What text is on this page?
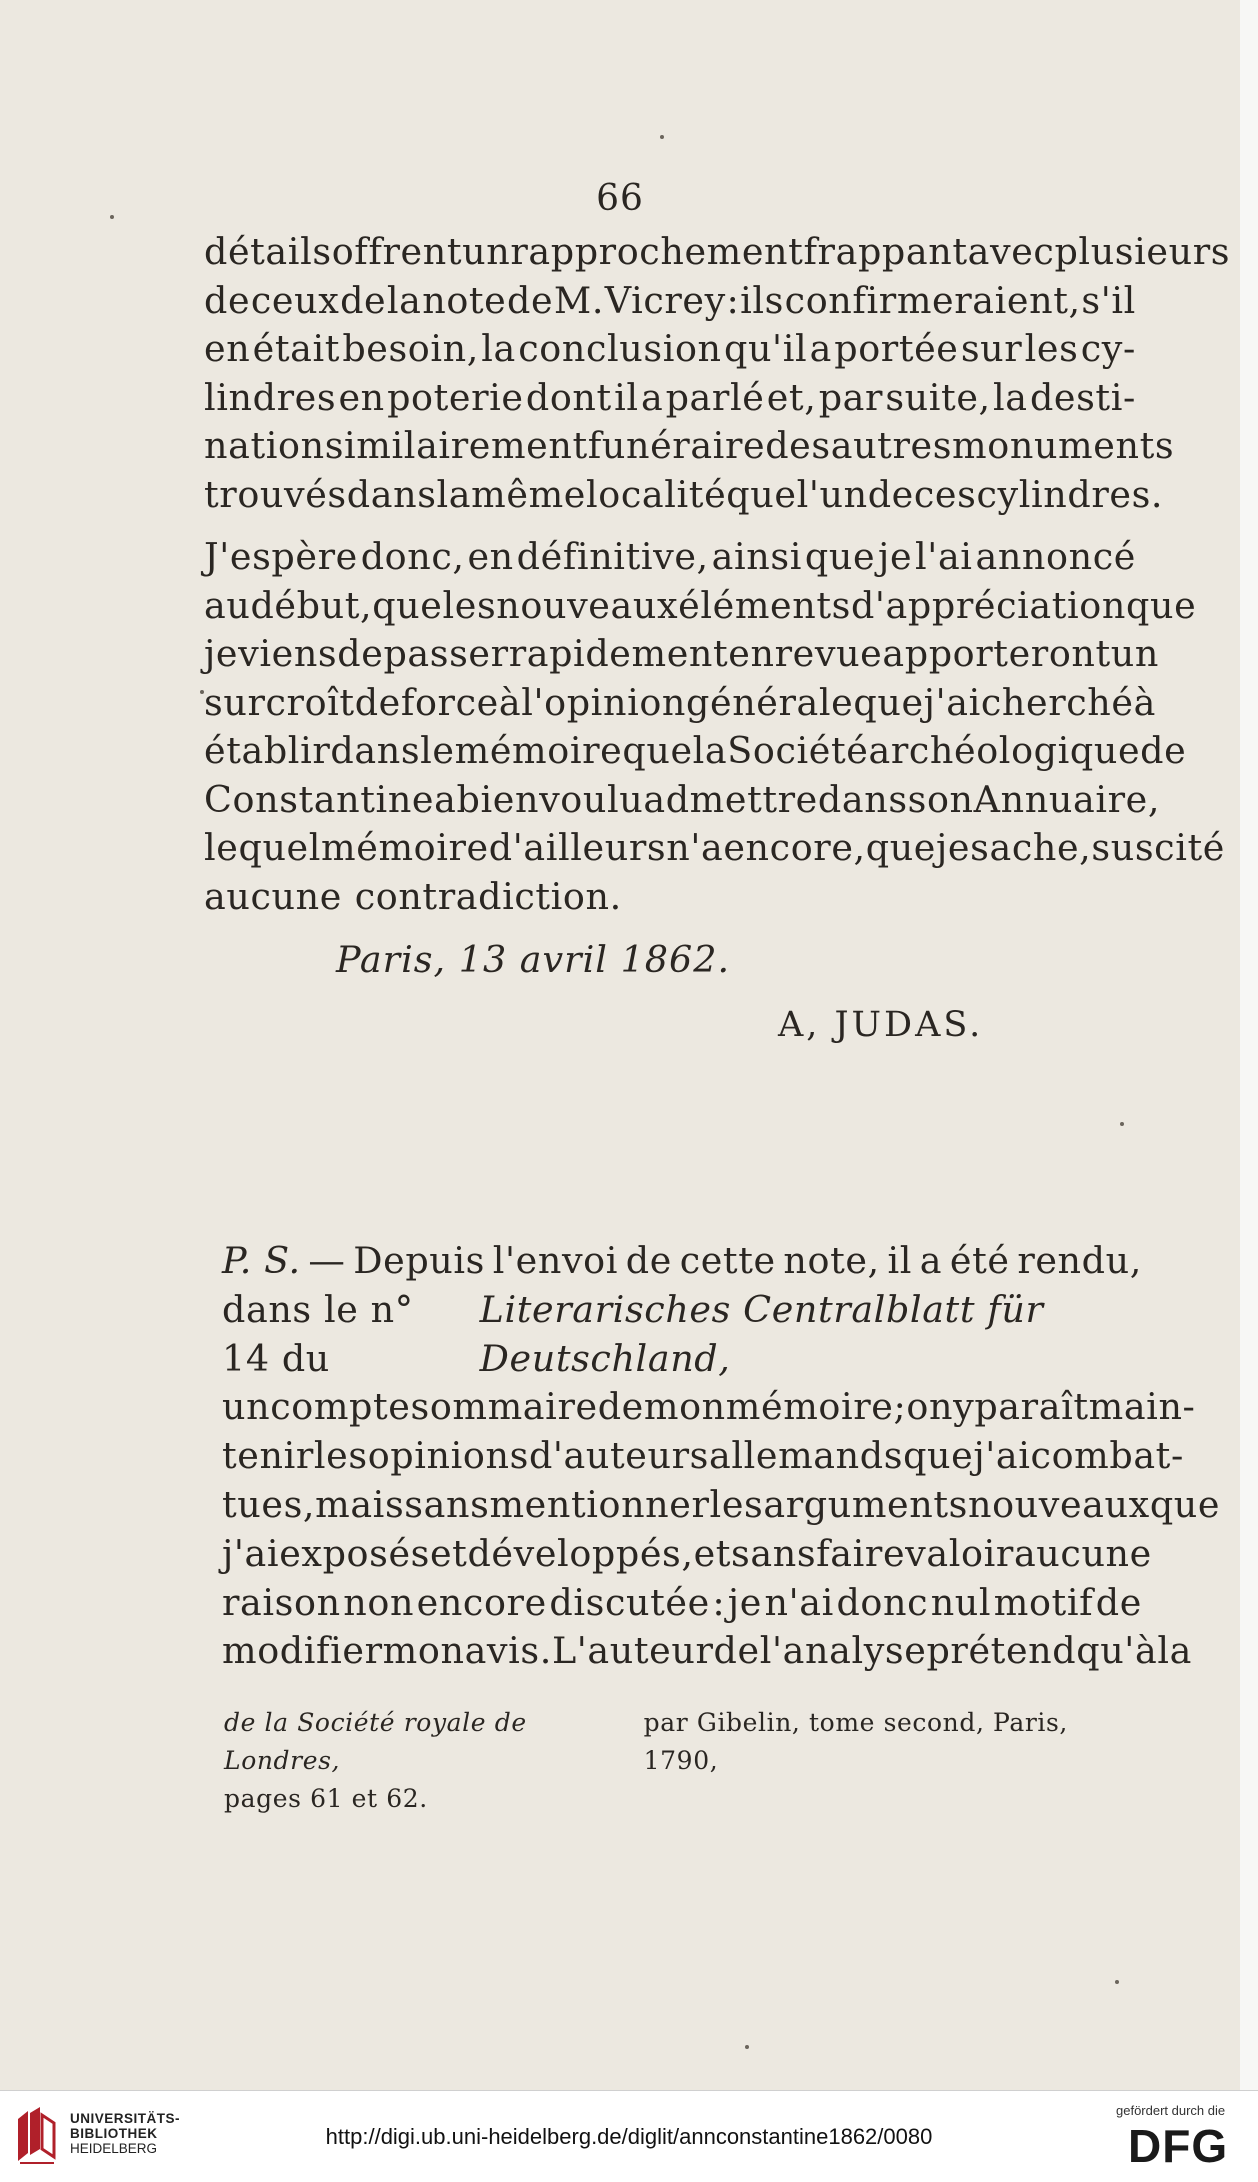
66
détails offrent un rapprochement frappant avec plusieurs
de ceux de la note de M. Vicrey : ils confirmeraient, s'il
en était besoin, la conclusion qu'il a portée sur les cy-
lindres en poterie dont il a parlé et, par suite, la desti-
nation similairement funéraire des autres monuments
trouvés dans la même localité que l'un de ces cylindres.
J'espère donc, en définitive, ainsi que je l'ai annoncé
au début, que les nouveaux éléments d'appréciation que
je viens de passer rapidement en revue apporteront un
surcroît de force à l'opinion générale que j'ai cherché à
établir dans le mémoire que la Société archéologique de
Constantine a bien voulu admettre dans son Annuaire,
lequel mémoire d'ailleurs n'a encore, que je sache, suscité
aucune contradiction.
Paris, 13 avril 1862.
A, JUDAS.
P. S. — Depuis l'envoi de cette note, il a été rendu,
dans le n° 14 du
Literarisches Centralblatt für Deutschland,
un compte sommaire de mon mémoire; on y paraît main-
tenir les opinions d'auteurs allemands que j'ai combat-
tues, mais sans mentionner les arguments nouveaux que
j'ai exposés et développés, et sans faire valoir aucune
raison non encore discutée : je n'ai donc nul motif de
modifier mon avis. L'auteur de l'analyse prétend qu'à la
de la Société royale de Londres,
par Gibelin, tome second, Paris, 1790,
pages 61 et 62.
UNIVERSITÄTS-
BIBLIOTHEK
HEIDELBERG	http://digi.ub.uni-heidelberg.de/diglit/annconstantine1862/0080
gefördert durch die
DFG
